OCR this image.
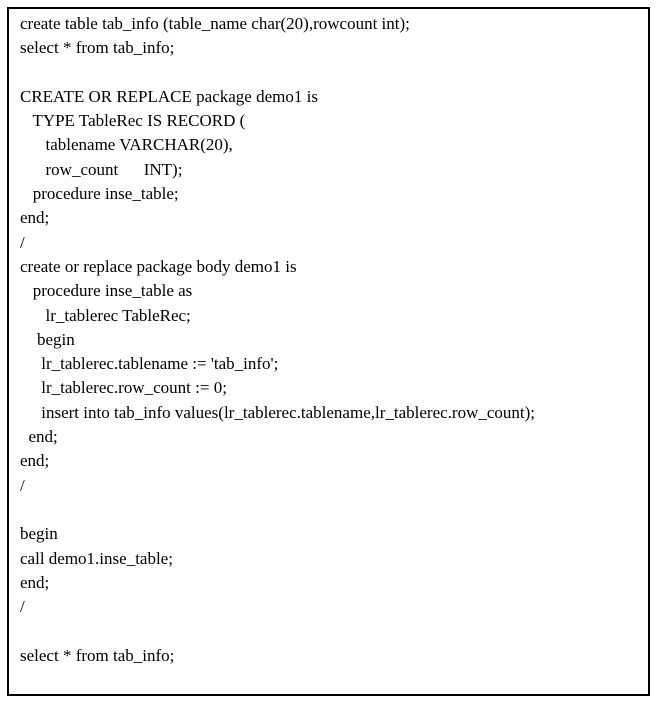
create table tab_info (table_name char(20),rowcount int);
select * from tab_info;

CREATE OR REPLACE package demo1 is
TYPE TableRec IS RECORD (
tablename VARCHAR(20),
row_count      INT);
procedure inse_table;
end;
/
create or replace package body demo1 is
procedure inse_table as
lr_tablerec TableRec;
begin
lr_tablerec.tablename := 'tab_info';
lr_tablerec.row_count := 0;
insert into tab_info values(lr_tablerec.tablename,lr_tablerec.row_count);
end;
end;
/

begin
call demo1.inse_table;
end;
/

select * from tab_info;
